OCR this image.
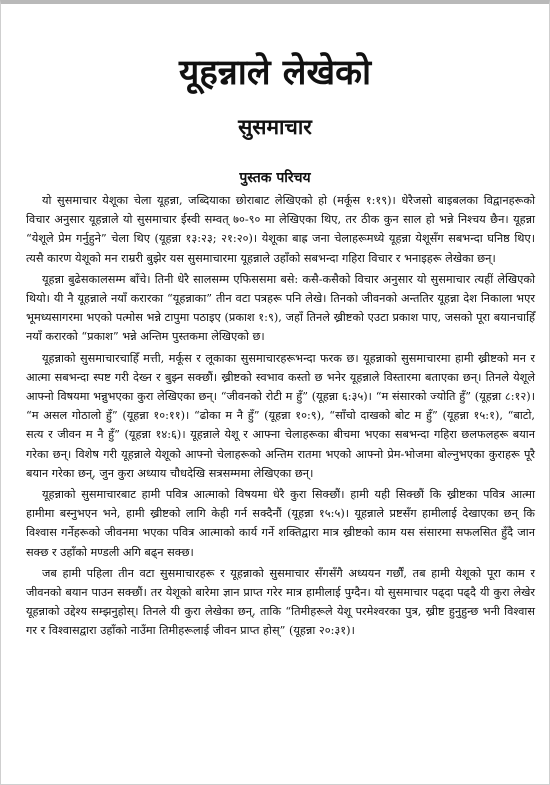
यूहन्नाले लेखेको
सुसमाचार
पुस्तक परिचय

यो सुसमाचार येशूका चेला यूहन्ना, जब्दियाका छोराबाट लेखिएको हो (मर्कूस १:१९)। धेरैजसो बाइबलका विद्वानहरूको विचार अनुसार यूहन्नाले यो सुसमाचार ईस्वी सम्वत् ७०-९० मा लेखिएका थिए, तर ठीक कुन साल हो भन्ने निश्चय छैन। यूहन्ना “येशूले प्रेम गर्नुहुने” चेला थिए (यूहन्ना १३:२३; २१:२०)। येशूका बाह्र जना चेलाहरूमध्ये यूहन्ना येशूसँग सबभन्दा घनिष्ठ थिए। त्यसै कारण येशूको मन राम्ररी बुझेर यस सुसमाचारमा यूहन्नाले उहाँको सबभन्दा गहिरा विचार र भनाइहरू लेखेका छन्।

यूहन्ना बुढेसकालसम्म बाँचे। तिनी धेरै सालसम्म एफिससमा बसे: कसै-कसैको विचार अनुसार यो सुसमाचार त्यहीं लेखिएको थियो। यी नै यूहन्नाले नयाँ करारका “यूहन्नाका” तीन वटा पत्रहरू पनि लेखे। तिनको जीवनको अन्ततिर यूहन्ना देश निकाला भएर भूमध्यसागरमा भएको पत्मोस भन्ने टापुमा पठाइए (प्रकाश १:९), जहाँ तिनले ख्रीष्टको एउटा प्रकाश पाए, जसको पूरा बयानचाहिँ नयाँ करारको “प्रकाश” भन्ने अन्तिम पुस्तकमा लेखिएको छ।

यूहन्नाको सुसमाचारचाहिँ मत्ती, मर्कूस र लूकाका सुसमाचारहरूभन्दा फरक छ। यूहन्नाको सुसमाचारमा हामी ख्रीष्टको मन र आत्मा सबभन्दा स्पष्ट गरी देख्न र बुझ्न सक्छौं। ख्रीष्टको स्वभाव कस्तो छ भनेर यूहन्नाले विस्तारमा बताएका छन्। तिनले येशूले आफ्नो विषयमा भन्नुभएका कुरा लेखिएका छन्। “जीवनको रोटी म हुँ” (यूहन्ना ६:३५)। “म संसारको ज्योति हुँ” (यूहन्ना ८:१२)। “म असल गोठालो हुँ” (यूहन्ना १०:११)। “ढोका म नै हुँ” (यूहन्ना १०:९), “साँचो दाखको बोट म हुँ” (यूहन्ना १५:१), “बाटो, सत्य र जीवन म नै हुँ” (यूहन्ना १४:६)। यूहन्नाले येशू र आफ्ना चेलाहरूका बीचमा भएका सबभन्दा गहिरा छलफलहरू बयान गरेका छन्। विशेष गरी यूहन्नाले येशूको आफ्नो चेलाहरूको अन्तिम रातमा भएको आफ्नो प्रेम-भोजमा बोल्नुभएका कुराहरू पूरै बयान गरेका छन्, जुन कुरा अध्याय चौधदेखि सत्रसम्ममा लेखिएका छन्।

यूहन्नाको सुसमाचारबाट हामी पवित्र आत्माको विषयमा धेरै कुरा सिक्छौं। हामी यही सिक्छौं कि ख्रीष्टका पवित्र आत्मा हामीमा बस्नुभएन भने, हामी ख्रीष्टको लागि केही गर्न सक्दैनौं (यूहन्ना १५:५)। यूहन्नाले प्रष्टसँग हामीलाई देखाएका छन् कि विश्वास गर्नेहरूको जीवनमा भएका पवित्र आत्माको कार्य गर्ने शक्तिद्वारा मात्र ख्रीष्टको काम यस संसारमा सफलसित हुँदै जान सक्छ र उहाँको मण्डली अगि बढ्न सक्छ।

जब हामी पहिला तीन वटा सुसमाचारहरू र यूहन्नाको सुसमाचार सँगसँगै अध्ययन गर्छौं, तब हामी येशूको पूरा काम र जीवनको बयान पाउन सक्छौं। तर येशूको बारेमा ज्ञान प्राप्त गरेर मात्र हामीलाई पुग्दैन। यो सुसमाचार पढ्दा पढ्दै यी कुरा लेखेर यूहन्नाको उद्देश्य सम्झनुहोस्। तिनले यी कुरा लेखेका छन्, ताकि “तिमीहरूले येशू परमेश्वरका पुत्र, ख्रीष्ट हुनुहुन्छ भनी विश्वास गर र विश्वासद्वारा उहाँको नाउँमा तिमीहरूलाई जीवन प्राप्त होस्” (यूहन्ना २०:३१)।
